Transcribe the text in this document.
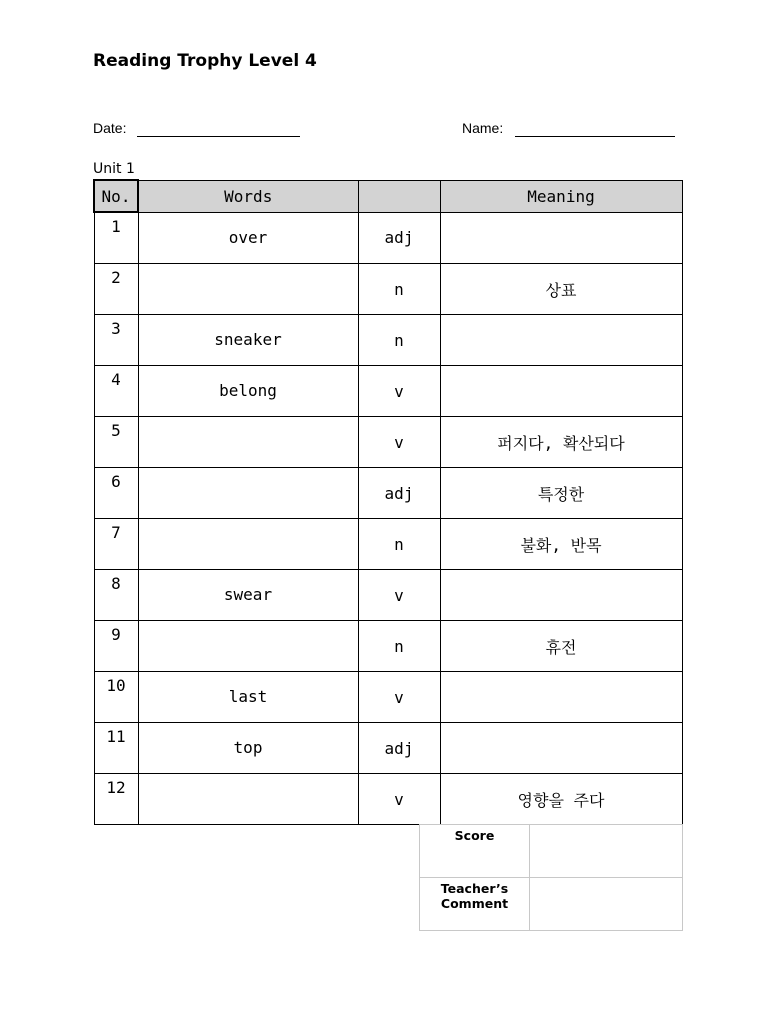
Reading Trophy Level 4
Date:	Name:
Unit 1
No.	Words		Meaning
1	over	adj	
2		n	상표
3	sneaker	n	
4	belong	v	
5		v	퍼지다, 확산되다
6		adj	특정한
7		n	불화, 반목
8	swear	v	
9		n	휴전
10	last	v	
11	top	adj	
12		v	영향을 주다
Score	

Teacher’s
Comment	
